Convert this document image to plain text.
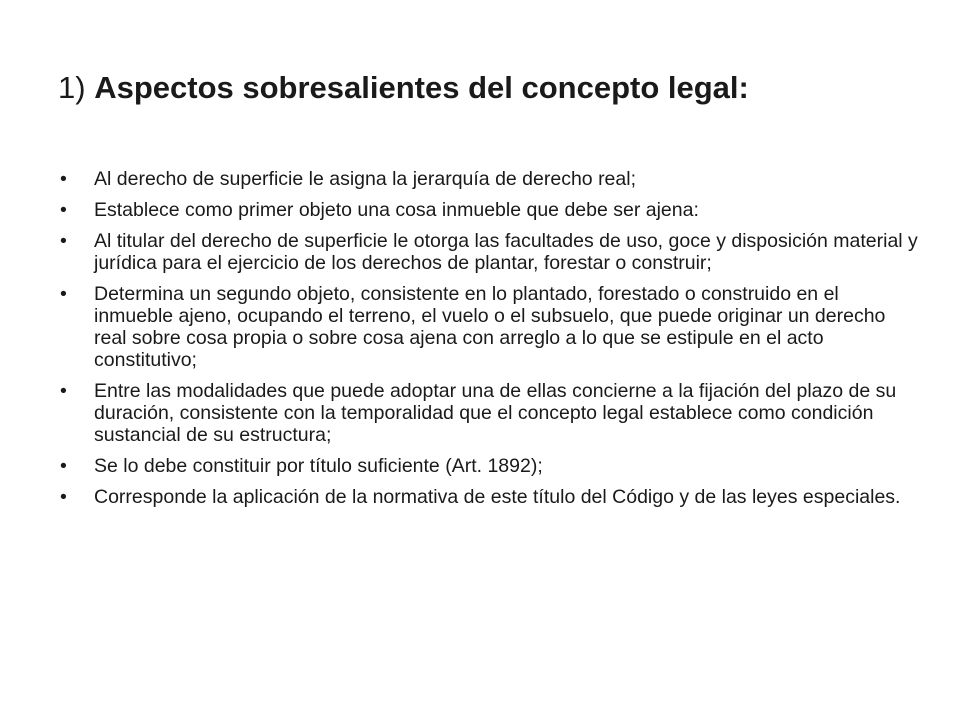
1) Aspectos sobresalientes del concepto legal:
• Al derecho de superficie le asigna la jerarquía de derecho real;
• Establece como primer objeto una cosa inmueble que debe ser ajena:
• Al titular del derecho de superficie le otorga las facultades de uso, goce y disposición material y jurídica para el ejercicio de los derechos de plantar, forestar o construir;
• Determina un segundo objeto, consistente en lo plantado, forestado o construido en el inmueble ajeno, ocupando el terreno, el vuelo o el subsuelo, que puede originar un derecho real sobre cosa propia o sobre cosa ajena con arreglo a lo que se estipule en el acto constitutivo;
• Entre las modalidades que puede adoptar una de ellas concierne a la fijación del plazo de su duración, consistente con la temporalidad que el concepto legal establece como condición sustancial de su estructura;
• Se lo debe constituir por título suficiente (Art. 1892);
• Corresponde la aplicación de la normativa de este título del Código y de las leyes especiales.
